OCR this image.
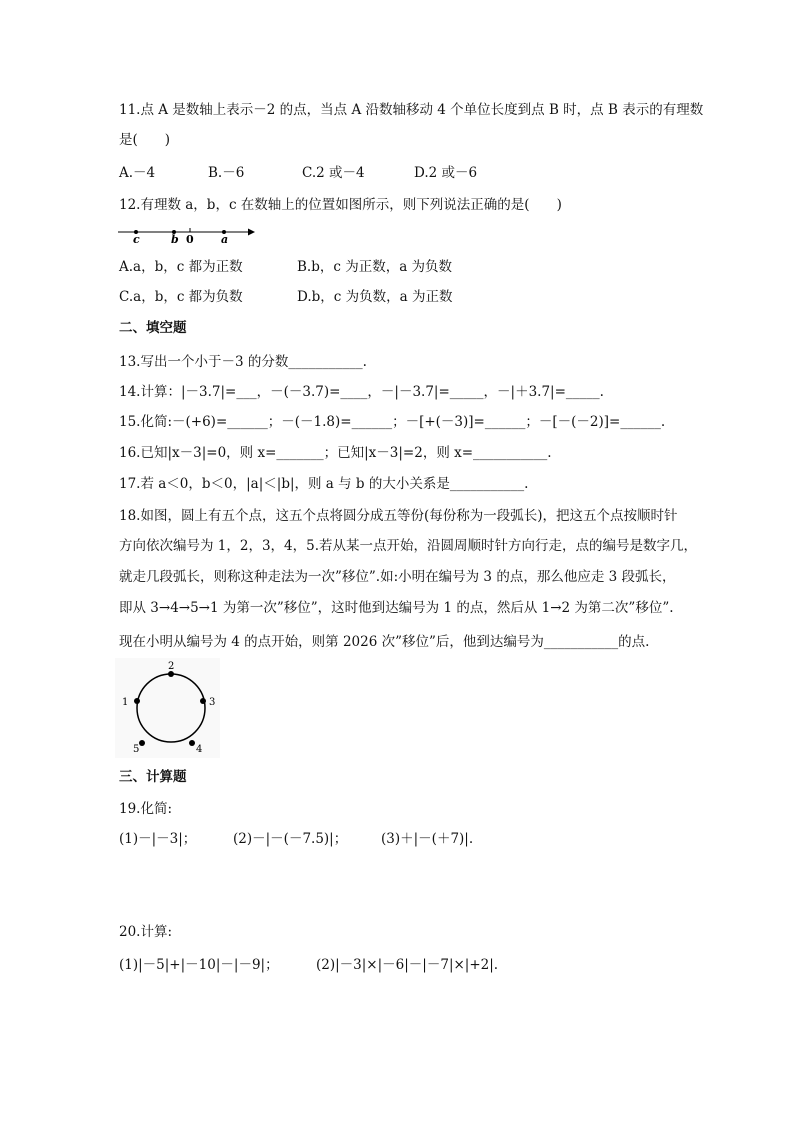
11.点 A 是数轴上表示－2 的点，当点 A 沿数轴移动 4 个单位长度到点 B 时，点 B 表示的有理数
是(　　)
A.－4	B.－6	C.2 或－4	D.2 或－6
12.有理数 a，b，c 在数轴上的位置如图所示，则下列说法正确的是(　　)
c	b 0 a
A.a，b，c 都为正数	B.b，c 为正数，a 为负数
C.a，b，c 都为负数	D.b，c 为负数，a 为正数
二、填空题
13.写出一个小于－3 的分数___________.
14.计算：|－3.7|=___，－(－3.7)=____，－|－3.7|=_____，－|＋3.7|=_____.
15.化简:－(+6)=______；－(－1.8)=______；－[+(－3)]=______；－[－(－2)]=______.
16.已知|x－3|=0，则 x=_______；已知|x－3|=2，则 x=___________.
17.若 a＜0，b＜0，|a|＜|b|，则 a 与 b 的大小关系是___________.
18.如图，圆上有五个点，这五个点将圆分成五等份(每份称为一段弧长)，把这五个点按顺时针
方向依次编号为 1，2，3，4，5.若从某一点开始，沿圆周顺时针方向行走，点的编号是数字几，
就走几段弧长，则称这种走法为一次”移位”.如:小明在编号为 3 的点，那么他应走 3 段弧长，
即从 3→4→5→1 为第一次”移位”，这时他到达编号为 1 的点，然后从 1→2 为第二次”移位”.
现在小明从编号为 4 的点开始，则第 2026 次”移位”后，他到达编号为___________的点.
1
2
3
4
5
三、计算题
19.化简:
(1)－|－3|；	(2)－|－(－7.5)|；	(3)＋|－(＋7)|.
20.计算:
(1)|－5|+|－10|－|－9|；	(2)|－3|×|－6|－|－7|×|+2|.
